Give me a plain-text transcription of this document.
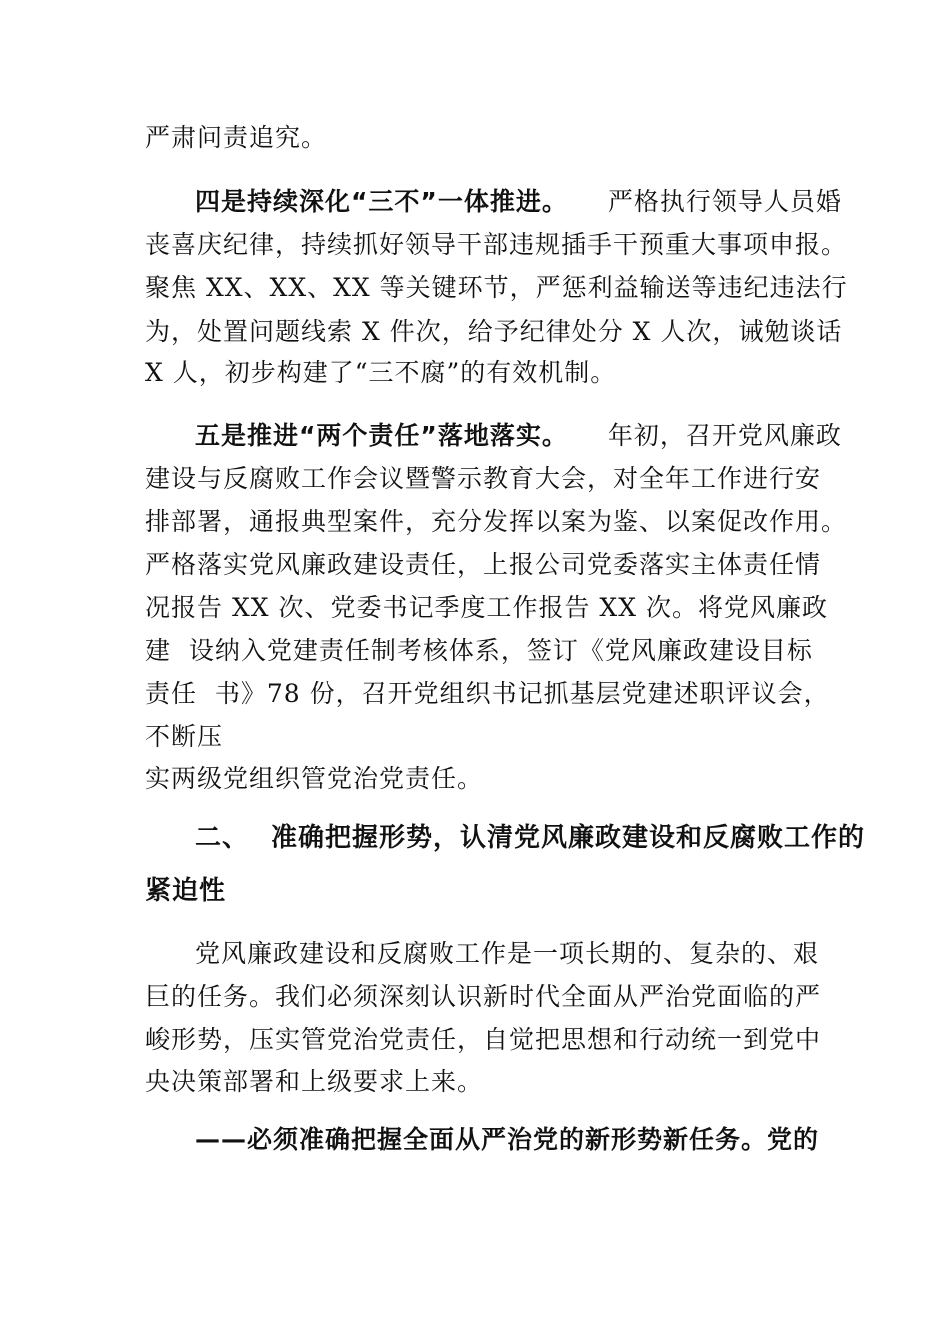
严肃问责追究。
四是持续深化“三不”一体推进。 严格执行领导人员婚
丧喜庆纪律，持续抓好领导干部违规插手干预重大事项申报。
聚焦 XX、XX、XX 等关键环节，严惩利益输送等违纪违法行
为，处置问题线索 X 件次，给予纪律处分 X 人次，诫勉谈话
X 人，初步构建了“三不腐”的有效机制。
五是推进“两个责任”落地落实。 年初，召开党风廉政
建设与反腐败工作会议暨警示教育大会，对全年工作进行安
排部署，通报典型案件，充分发挥以案为鉴、以案促改作用。
严格落实党风廉政建设责任，上报公司党委落实主体责任情
况报告 XX 次、党委书记季度工作报告 XX 次。将党风廉政
建  设纳入党建责任制考核体系，签订《党风廉政建设目标
责任  书》78 份，召开党组织书记抓基层党建述职评议会，
不断压
实两级党组织管党治党责任。
二、 准确把握形势，认清党风廉政建设和反腐败工作的
紧迫性
党风廉政建设和反腐败工作是一项长期的、复杂的、艰
巨的任务。我们必须深刻认识新时代全面从严治党面临的严
峻形势，压实管党治党责任，自觉把思想和行动统一到党中
央决策部署和上级要求上来。
——必须准确把握全面从严治党的新形势新任务。党的
